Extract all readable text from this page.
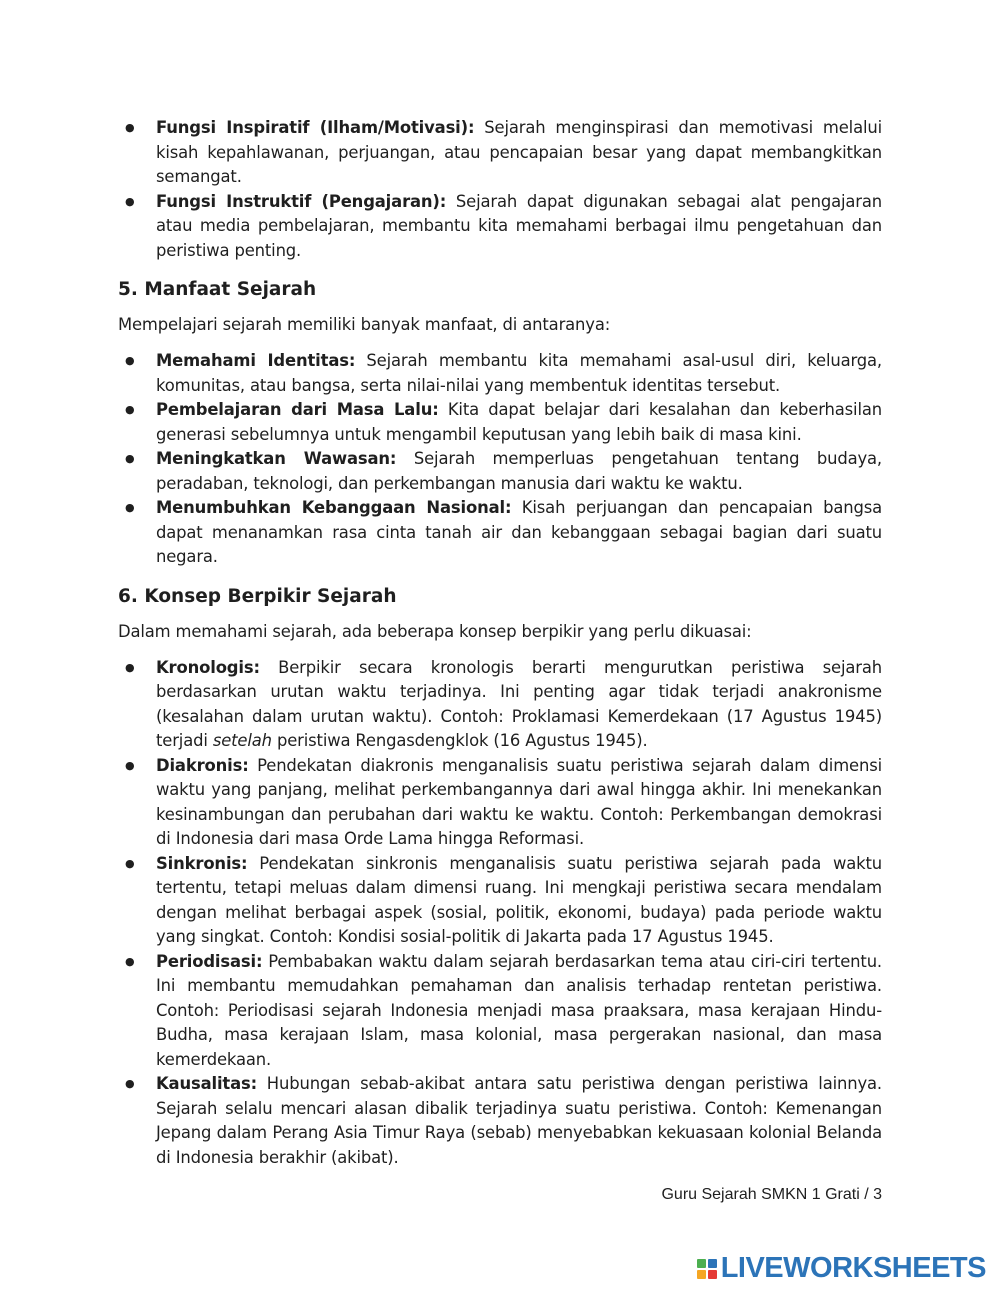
● Fungsi Inspiratif (Ilham/Motivasi): Sejarah menginspirasi dan memotivasi melalui kisah kepahlawanan, perjuangan, atau pencapaian besar yang dapat membangkitkan semangat.
● Fungsi Instruktif (Pengajaran): Sejarah dapat digunakan sebagai alat pengajaran atau media pembelajaran, membantu kita memahami berbagai ilmu pengetahuan dan peristiwa penting.
5. Manfaat Sejarah

Mempelajari sejarah memiliki banyak manfaat, di antaranya:

● Memahami Identitas: Sejarah membantu kita memahami asal-usul diri, keluarga, komunitas, atau bangsa, serta nilai-nilai yang membentuk identitas tersebut.
● Pembelajaran dari Masa Lalu: Kita dapat belajar dari kesalahan dan keberhasilan generasi sebelumnya untuk mengambil keputusan yang lebih baik di masa kini.
● Meningkatkan Wawasan: Sejarah memperluas pengetahuan tentang budaya, peradaban, teknologi, dan perkembangan manusia dari waktu ke waktu.
● Menumbuhkan Kebanggaan Nasional: Kisah perjuangan dan pencapaian bangsa dapat menanamkan rasa cinta tanah air dan kebanggaan sebagai bagian dari suatu negara.
6. Konsep Berpikir Sejarah

Dalam memahami sejarah, ada beberapa konsep berpikir yang perlu dikuasai:

● Kronologis: Berpikir secara kronologis berarti mengurutkan peristiwa sejarah berdasarkan urutan waktu terjadinya. Ini penting agar tidak terjadi anakronisme (kesalahan dalam urutan waktu). Contoh: Proklamasi Kemerdekaan (17 Agustus 1945) terjadi setelah peristiwa Rengasdengklok (16 Agustus 1945).
● Diakronis: Pendekatan diakronis menganalisis suatu peristiwa sejarah dalam dimensi waktu yang panjang, melihat perkembangannya dari awal hingga akhir. Ini menekankan kesinambungan dan perubahan dari waktu ke waktu. Contoh: Perkembangan demokrasi di Indonesia dari masa Orde Lama hingga Reformasi.
● Sinkronis: Pendekatan sinkronis menganalisis suatu peristiwa sejarah pada waktu tertentu, tetapi meluas dalam dimensi ruang. Ini mengkaji peristiwa secara mendalam dengan melihat berbagai aspek (sosial, politik, ekonomi, budaya) pada periode waktu yang singkat. Contoh: Kondisi sosial-politik di Jakarta pada 17 Agustus 1945.
● Periodisasi: Pembabakan waktu dalam sejarah berdasarkan tema atau ciri-ciri tertentu. Ini membantu memudahkan pemahaman dan analisis terhadap rentetan peristiwa. Contoh: Periodisasi sejarah Indonesia menjadi masa praaksara, masa kerajaan Hindu-Budha, masa kerajaan Islam, masa kolonial, masa pergerakan nasional, dan masa kemerdekaan.
● Kausalitas: Hubungan sebab-akibat antara satu peristiwa dengan peristiwa lainnya. Sejarah selalu mencari alasan dibalik terjadinya suatu peristiwa. Contoh: Kemenangan Jepang dalam Perang Asia Timur Raya (sebab) menyebabkan kekuasaan kolonial Belanda di Indonesia berakhir (akibat).
Guru Sejarah SMKN 1 Grati / 3
LIVEWORKSHEETS
